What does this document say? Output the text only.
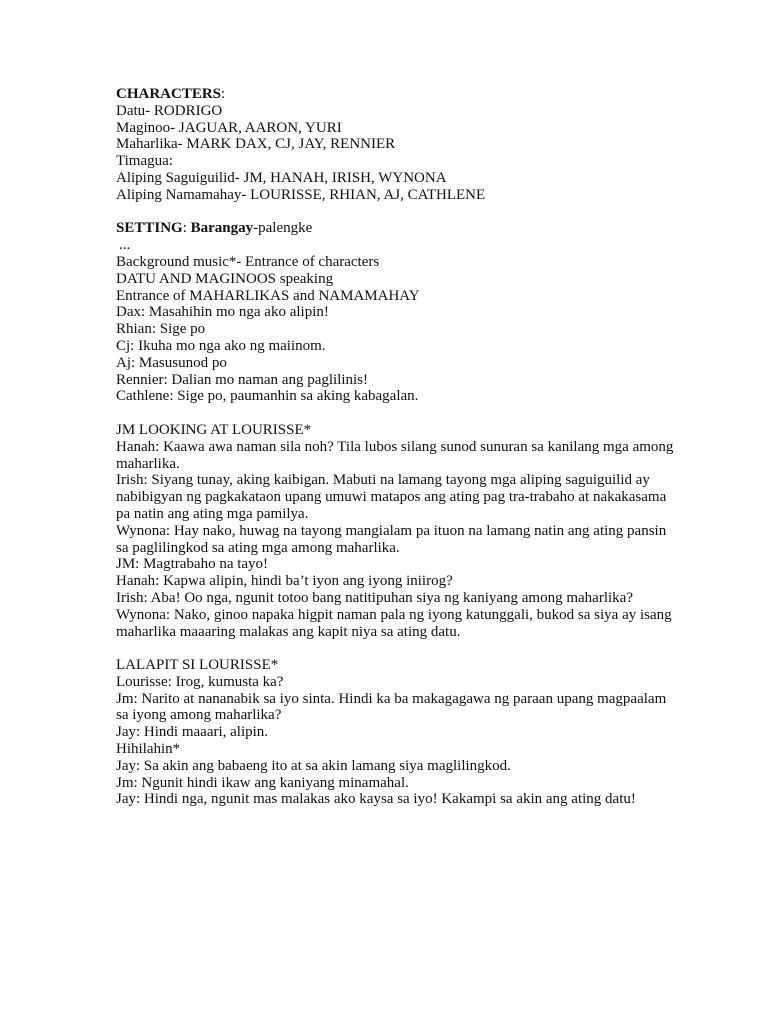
CHARACTERS:

Datu- RODRIGO

Maginoo- JAGUAR, AARON, YURI

Maharlika- MARK DAX, CJ, JAY, RENNIER

Timagua:

Aliping Saguiguilid- JM, HANAH, IRISH, WYNONA

Aliping Namamahay- LOURISSE, RHIAN, AJ, CATHLENE

SETTING: Barangay-palengke

...

Background music*- Entrance of characters

DATU AND MAGINOOS speaking

Entrance of MAHARLIKAS and NAMAMAHAY

Dax: Masahihin mo nga ako alipin!

Rhian: Sige po

Cj: Ikuha mo nga ako ng maiinom.

Aj: Masusunod po

Rennier: Dalian mo naman ang paglilinis!

Cathlene: Sige po, paumanhin sa aking kabagalan.

JM LOOKING AT LOURISSE*

Hanah: Kaawa awa naman sila noh? Tila lubos silang sunod sunuran sa kanilang mga among maharlika.

Irish: Siyang tunay, aking kaibigan. Mabuti na lamang tayong mga aliping saguiguilid ay nabibigyan ng pagkakataon upang umuwi matapos ang ating pag tra-trabaho at nakakasama pa natin ang ating mga pamilya.

Wynona: Hay nako, huwag na tayong mangialam pa ituon na lamang natin ang ating pansin sa paglilingkod sa ating mga among maharlika.

JM: Magtrabaho na tayo!

Hanah: Kapwa alipin, hindi ba’t iyon ang iyong iniirog?

Irish: Aba! Oo nga, ngunit totoo bang natitipuhan siya ng kaniyang among maharlika?

Wynona: Nako, ginoo napaka higpit naman pala ng iyong katunggali, bukod sa siya ay isang maharlika maaaring malakas ang kapit niya sa ating datu.

LALAPIT SI LOURISSE*

Lourisse: Irog, kumusta ka?

Jm: Narito at nananabik sa iyo sinta. Hindi ka ba makagagawa ng paraan upang magpaalam sa iyong among maharlika?

Jay: Hindi maaari, alipin.

Hihilahin*

Jay: Sa akin ang babaeng ito at sa akin lamang siya maglilingkod.

Jm: Ngunit hindi ikaw ang kaniyang minamahal.

Jay: Hindi nga, ngunit mas malakas ako kaysa sa iyo! Kakampi sa akin ang ating datu!
